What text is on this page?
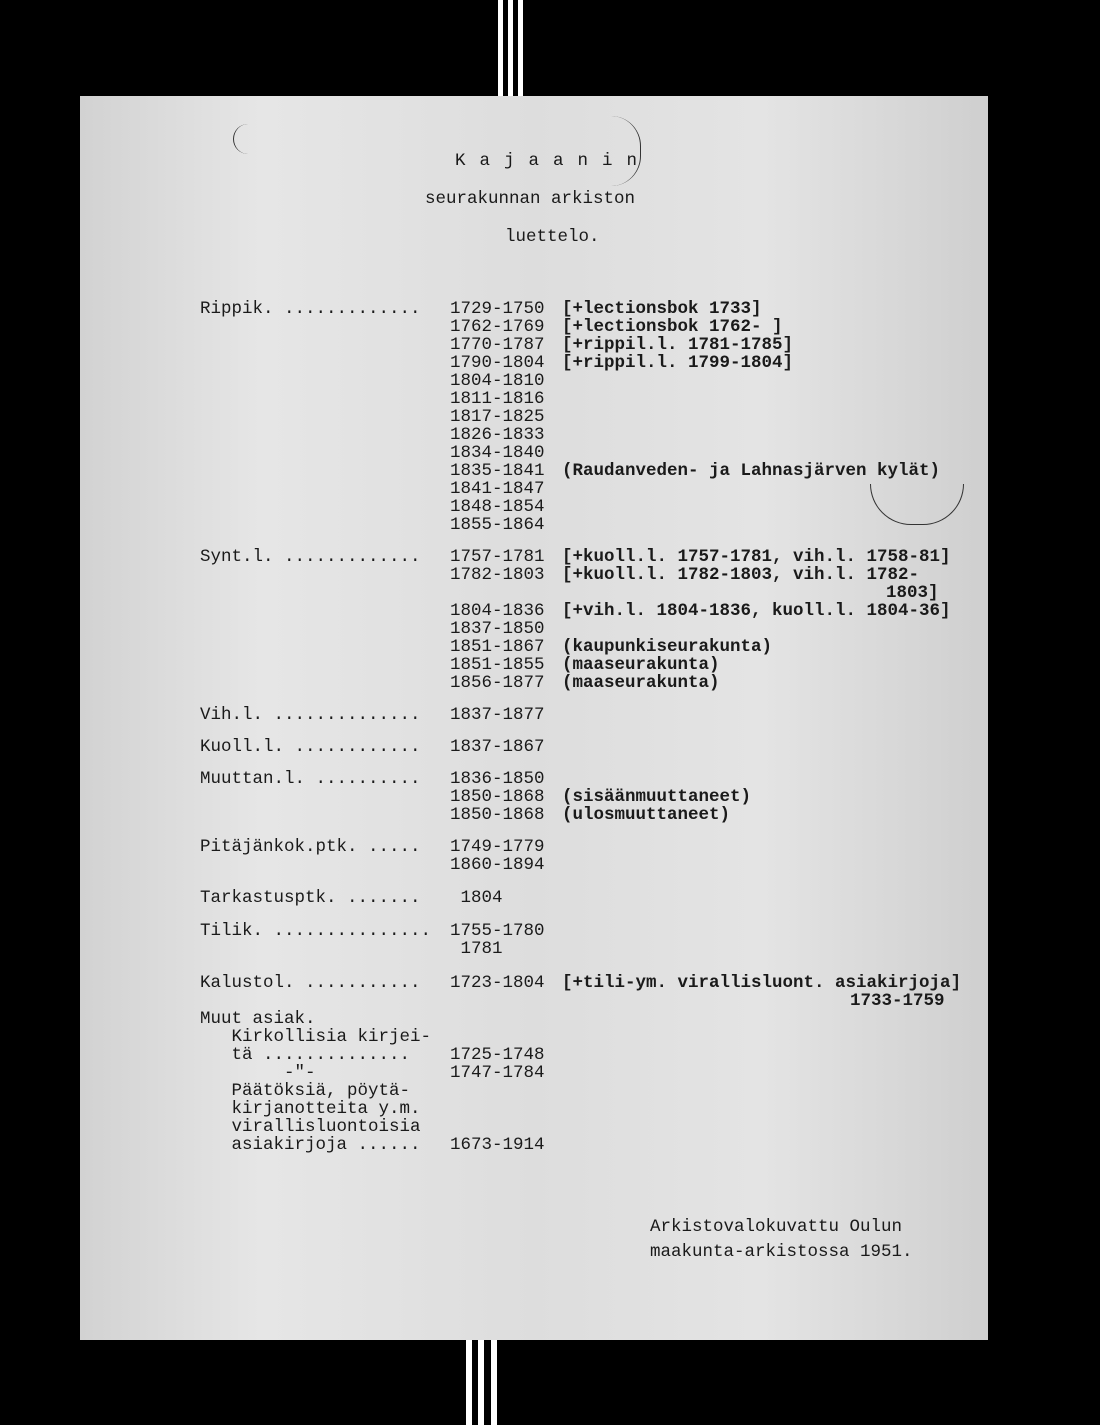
Kajaanin
seurakunnan arkiston
luettelo.
Rippik. ............. 1729-1750 [+lectionsbok 1733]
1762-1769 [+lectionsbok 1762- ]
1770-1787 [+rippil.l. 1781-1785]
1790-1804 [+rippil.l. 1799-1804]
1804-1810
1811-1816
1817-1825
1826-1833
1834-1840
1835-1841 (Raudanveden- ja Lahnasjärven kylät)
1841-1847
1848-1854
1855-1864
Synt.l. ............. 1757-1781 [+kuoll.l. 1757-1781, vih.l. 1758-81]
1782-1803 [+kuoll.l. 1782-1803, vih.l. 1782-
1803]
1804-1836 [+vih.l. 1804-1836, kuoll.l. 1804-36]
1837-1850
1851-1867 (kaupunkiseurakunta)
1851-1855 (maaseurakunta)
1856-1877 (maaseurakunta)
Vih.l. .............. 1837-1877
Kuoll.l. ............ 1837-1867
Muuttan.l. .......... 1836-1850
1850-1868 (sisäänmuuttaneet)
1850-1868 (ulosmuuttaneet)
Pitäjänkok.ptk. ..... 1749-1779
1860-1894
Tarkastusptk. ....... 1804
Tilik. ............... 1755-1780
1781
Kalustol. ........... 1723-1804 [+tili-ym. virallisluont. asiakirjoja]
1733-1759
Muut asiak.
Kirkollisia kirjei-
tä .............. 1725-1748
-"-	1747-1784
Päätöksiä, pöytä-
kirjanotteita y.m.
virallisluontoisia
asiakirjoja ...... 1673-1914
Arkistovalokuvattu Oulun
maakunta-arkistossa 1951.
